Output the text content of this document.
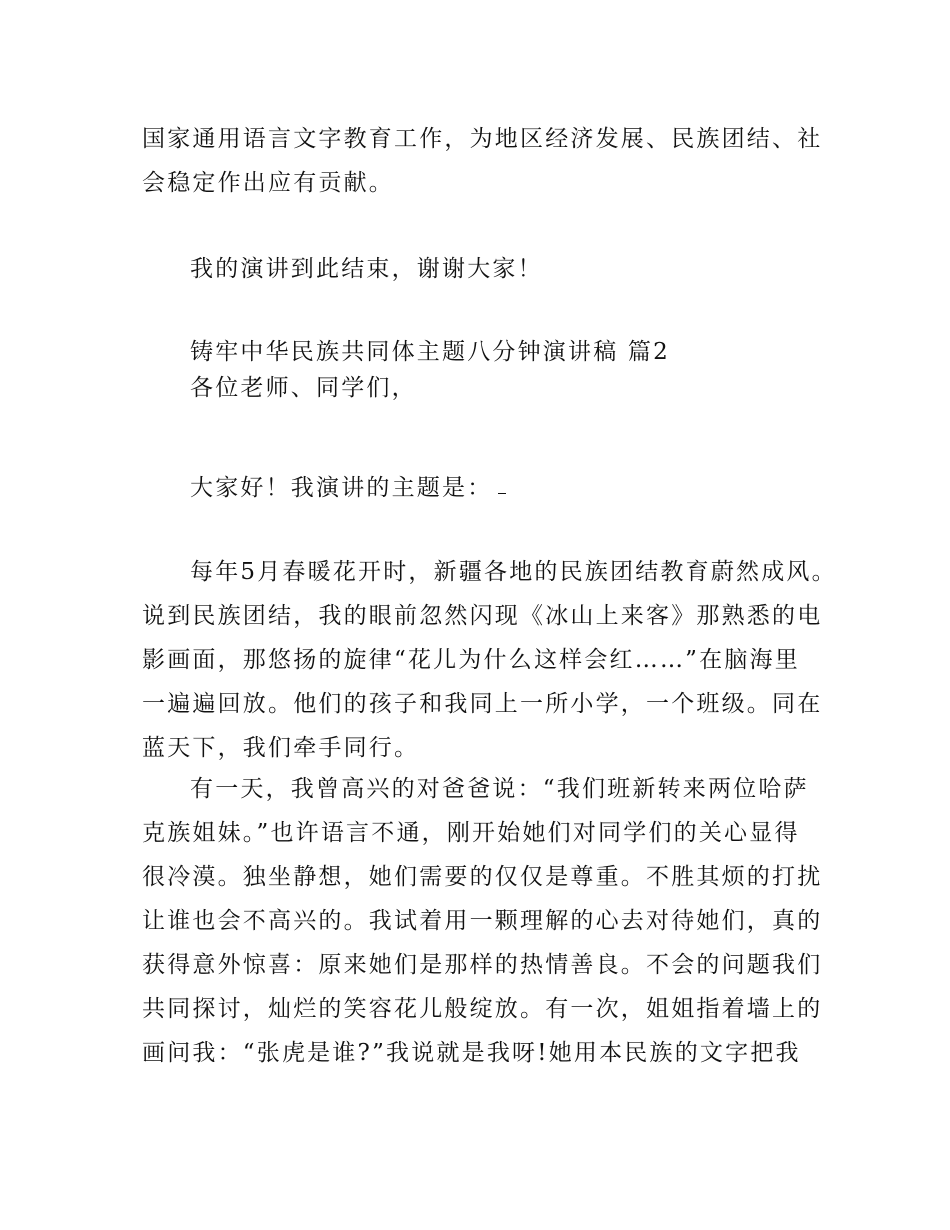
国家通用语言文字教育工作，为地区经济发展、民族团结、社
会稳定作出应有贡献。
我的演讲到此结束，谢谢大家！
铸牢中华民族共同体主题八分钟演讲稿 篇2
各位老师、同学们，
大家好！我演讲的主题是：
每年5月春暖花开时，新疆各地的民族团结教育蔚然成风。
说到民族团结，我的眼前忽然闪现《冰山上来客》那熟悉的电
影画面，那悠扬的旋律“花儿为什么这样会红……”在脑海里
一遍遍回放。他们的孩子和我同上一所小学，一个班级。同在
蓝天下，我们牵手同行。
有一天，我曾高兴的对爸爸说：“我们班新转来两位哈萨
克族姐妹。”也许语言不通，刚开始她们对同学们的关心显得
很冷漠。独坐静想，她们需要的仅仅是尊重。不胜其烦的打扰
让谁也会不高兴的。我试着用一颗理解的心去对待她们，真的
获得意外惊喜：原来她们是那样的热情善良。不会的问题我们
共同探讨，灿烂的笑容花儿般绽放。有一次，姐姐指着墙上的
画问我：“张虎是谁?”我说就是我呀!她用本民族的文字把我
